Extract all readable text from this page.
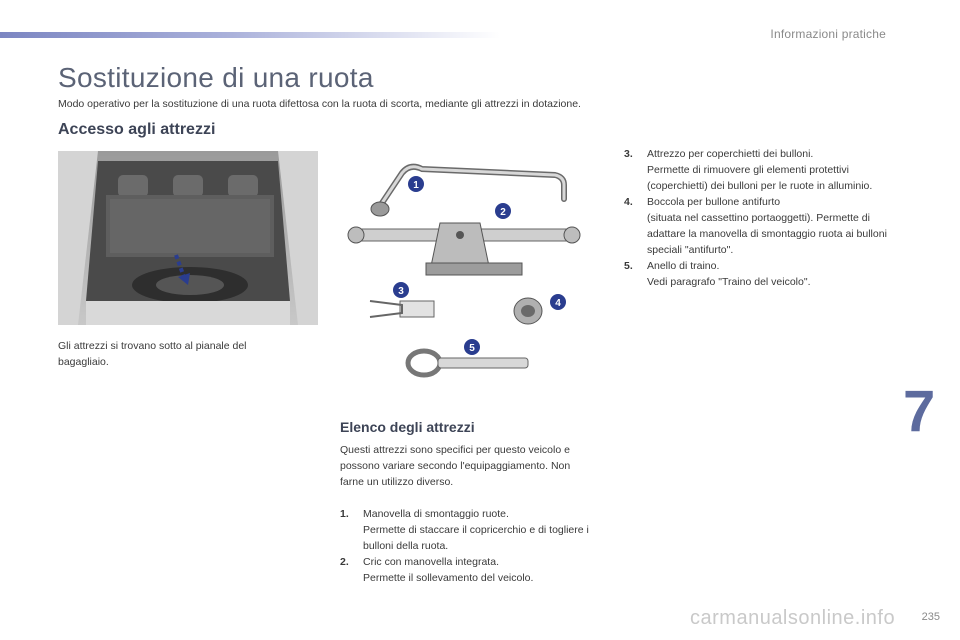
Informazioni pratiche
Sostituzione di una ruota

Modo operativo per la sostituzione di una ruota difettosa con la ruota di scorta, mediante gli attrezzi in dotazione.

Accesso agli attrezzi

Gli attrezzi si trovano sotto al pianale del bagagliaio.

1
2
3
4
5
Elenco degli attrezzi

Questi attrezzi sono specifici per questo veicolo e possono variare secondo l'equipaggiamento. Non farne un utilizzo diverso.

1.	Manovella di smontaggio ruote.
Permette di staccare il copricerchio e di togliere i bulloni della ruota.
2.	Cric con manovella integrata.
Permette il sollevamento del veicolo.
3.	Attrezzo per coperchietti dei bulloni.
Permette di rimuovere gli elementi protettivi (coperchietti) dei bulloni per le ruote in alluminio.
4.	Boccola per bullone antifurto
(situata nel cassettino portaoggetti). Permette di adattare la manovella di smontaggio ruota ai bulloni speciali "antifurto".
5.	Anello di traino.
Vedi paragrafo "Traino del veicolo".
7
carmanualsonline.info 235
